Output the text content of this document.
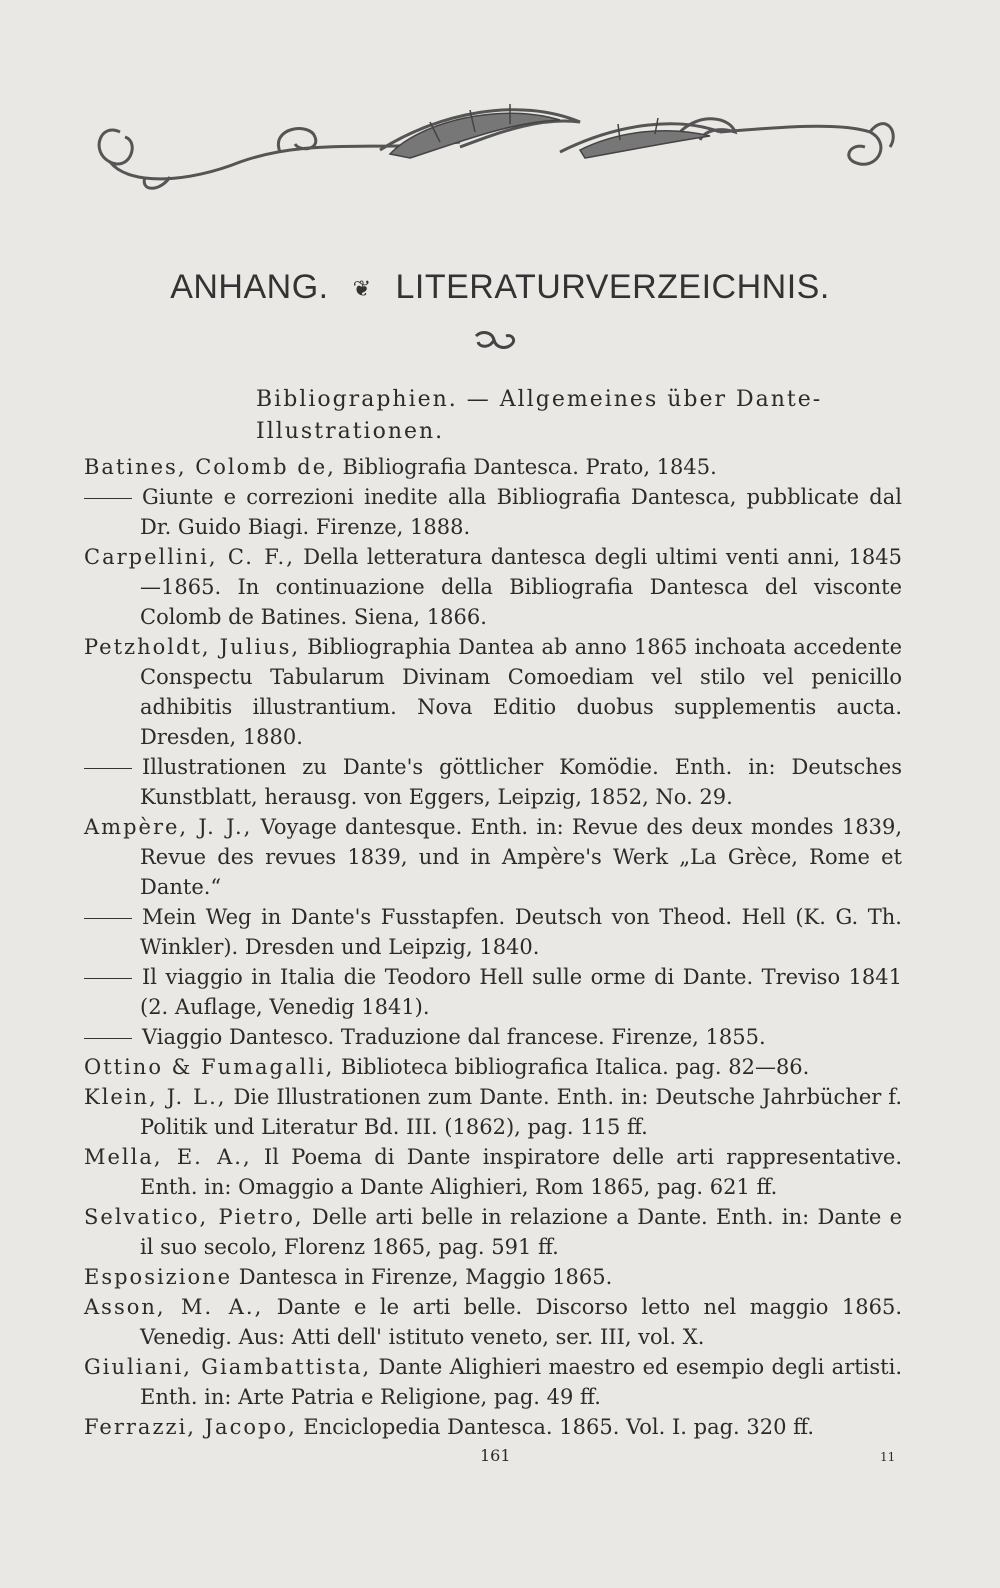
ANHANG. ❦ LITERATURVERZEICHNIS.
Bibliographien. — Allgemeines über Dante-
Illustrationen.
Batines, Colomb de, Bibliografia Dantesca. Prato, 1845.
Giunte e correzioni inedite alla Bibliografia Dantesca, pubblicate dal Dr. Guido Biagi. Firenze, 1888.
Carpellini, C. F., Della letteratura dantesca degli ultimi venti anni, 1845—1865. In continuazione della Bibliografia Dantesca del visconte Colomb de Batines. Siena, 1866.
Petzholdt, Julius, Bibliographia Dantea ab anno 1865 inchoata accedente Conspectu Tabularum Divinam Comoediam vel stilo vel penicillo adhibitis illustrantium. Nova Editio duobus supplementis aucta. Dresden, 1880.
Illustrationen zu Dante's göttlicher Komödie. Enth. in: Deutsches Kunstblatt, herausg. von Eggers, Leipzig, 1852, No. 29.
Ampère, J. J., Voyage dantesque. Enth. in: Revue des deux mondes 1839, Revue des revues 1839, und in Ampère's Werk „La Grèce, Rome et Dante.“
Mein Weg in Dante's Fusstapfen. Deutsch von Theod. Hell (K. G. Th. Winkler). Dresden und Leipzig, 1840.
Il viaggio in Italia die Teodoro Hell sulle orme di Dante. Treviso 1841 (2. Auflage, Venedig 1841).
Viaggio Dantesco. Traduzione dal francese. Firenze, 1855.
Ottino & Fumagalli, Biblioteca bibliografica Italica. pag. 82—86.
Klein, J. L., Die Illustrationen zum Dante. Enth. in: Deutsche Jahrbücher f. Politik und Literatur Bd. III. (1862), pag. 115 ff.
Mella, E. A., Il Poema di Dante inspiratore delle arti rappresentative. Enth. in: Omaggio a Dante Alighieri, Rom 1865, pag. 621 ff.
Selvatico, Pietro, Delle arti belle in relazione a Dante. Enth. in: Dante e il suo secolo, Florenz 1865, pag. 591 ff.
Esposizione Dantesca in Firenze, Maggio 1865.
Asson, M. A., Dante e le arti belle. Discorso letto nel maggio 1865. Venedig. Aus: Atti dell' istituto veneto, ser. III, vol. X.
Giuliani, Giambattista, Dante Alighieri maestro ed esempio degli artisti. Enth. in: Arte Patria e Religione, pag. 49 ff.
Ferrazzi, Jacopo, Enciclopedia Dantesca. 1865. Vol. I. pag. 320 ff.
161	11
